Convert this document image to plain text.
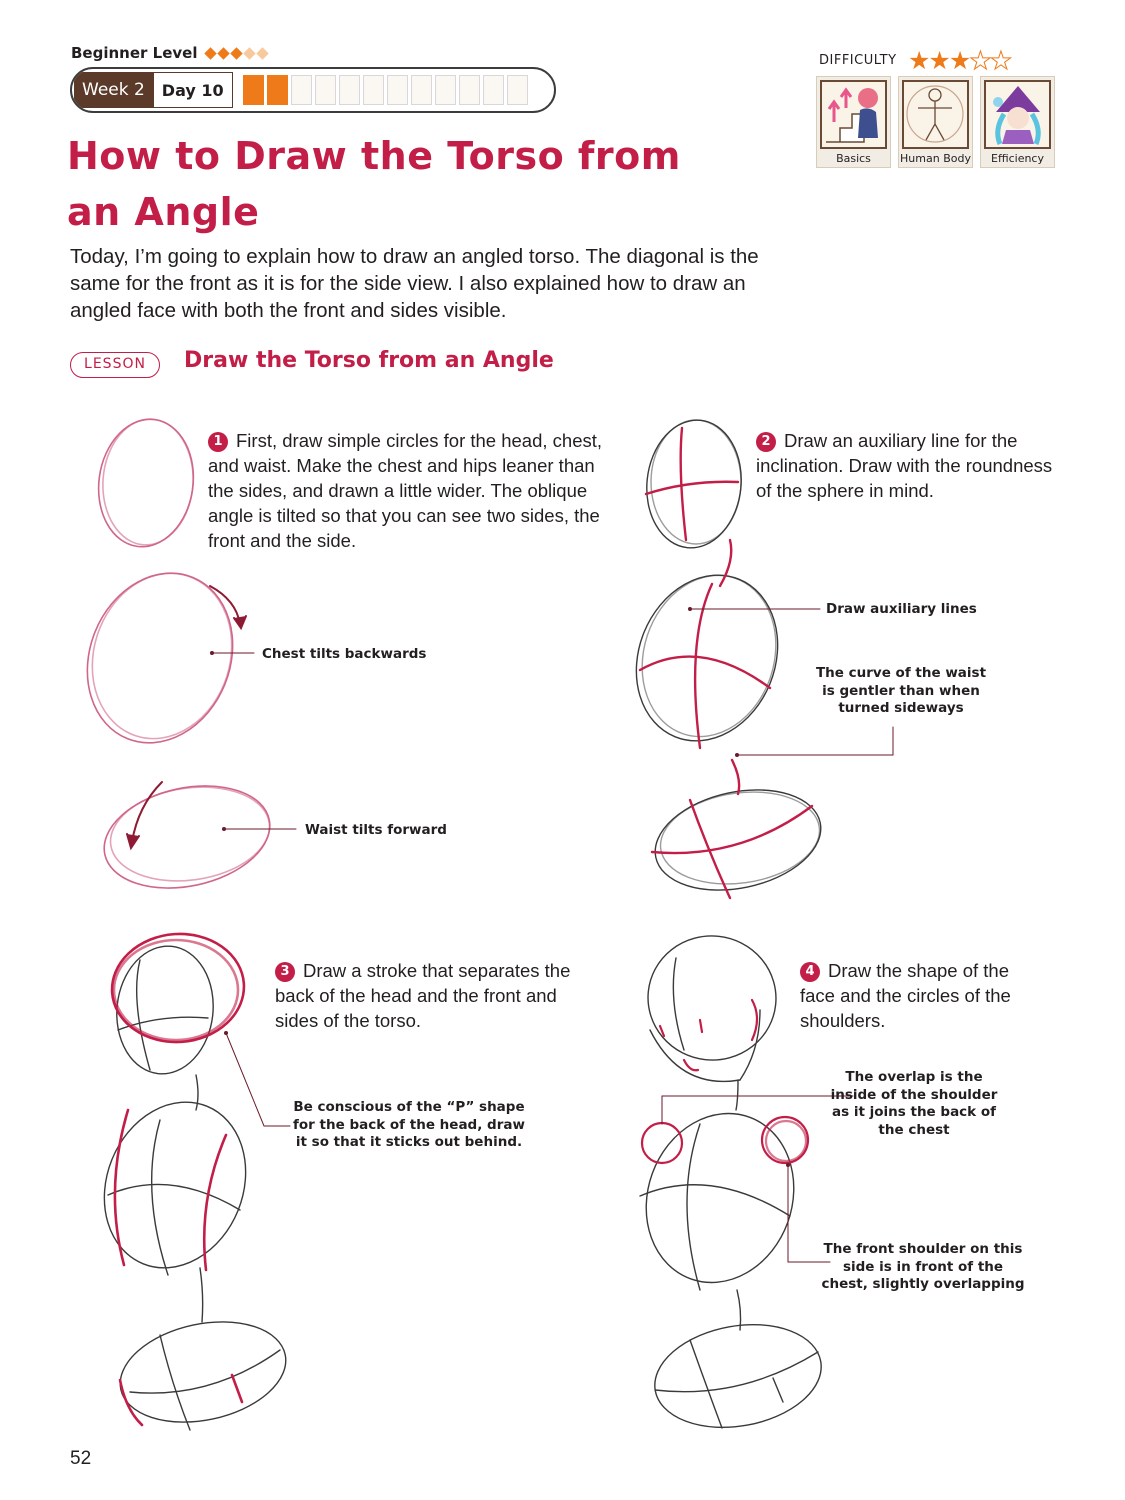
Beginner Level
Week 2	Day 10
How to Draw the Torso from an Angle
DIFFICULTY ★★★★★
Basics	Human Body	Efficiency
Today, I’m going to explain how to draw an angled torso. The diagonal is the same for the front as it is for the side view. I also explained how to draw an angled face with both the front and sides visible.
LESSON	Draw the Torso from an Angle
1 First, draw simple circles for the head, chest, and waist. Make the chest and hips leaner than the sides, and drawn a little wider. The oblique angle is tilted so that you can see two sides, the front and the side.
2 Draw an auxiliary line for the inclination. Draw with the roundness of the sphere in mind.
3 Draw a stroke that separates the back of the head and the front and sides of the torso.
4 Draw the shape of the face and the circles of the shoulders.
Chest tilts backwards
Waist tilts forward
Draw auxiliary lines
The curve of the waist is gentler than when turned sideways
Be conscious of the “P” shape for the back of the head, draw it so that it sticks out behind.
The overlap is the inside of the shoulder as it joins the back of the chest
The front shoulder on this side is in front of the chest, slightly overlapping
52
